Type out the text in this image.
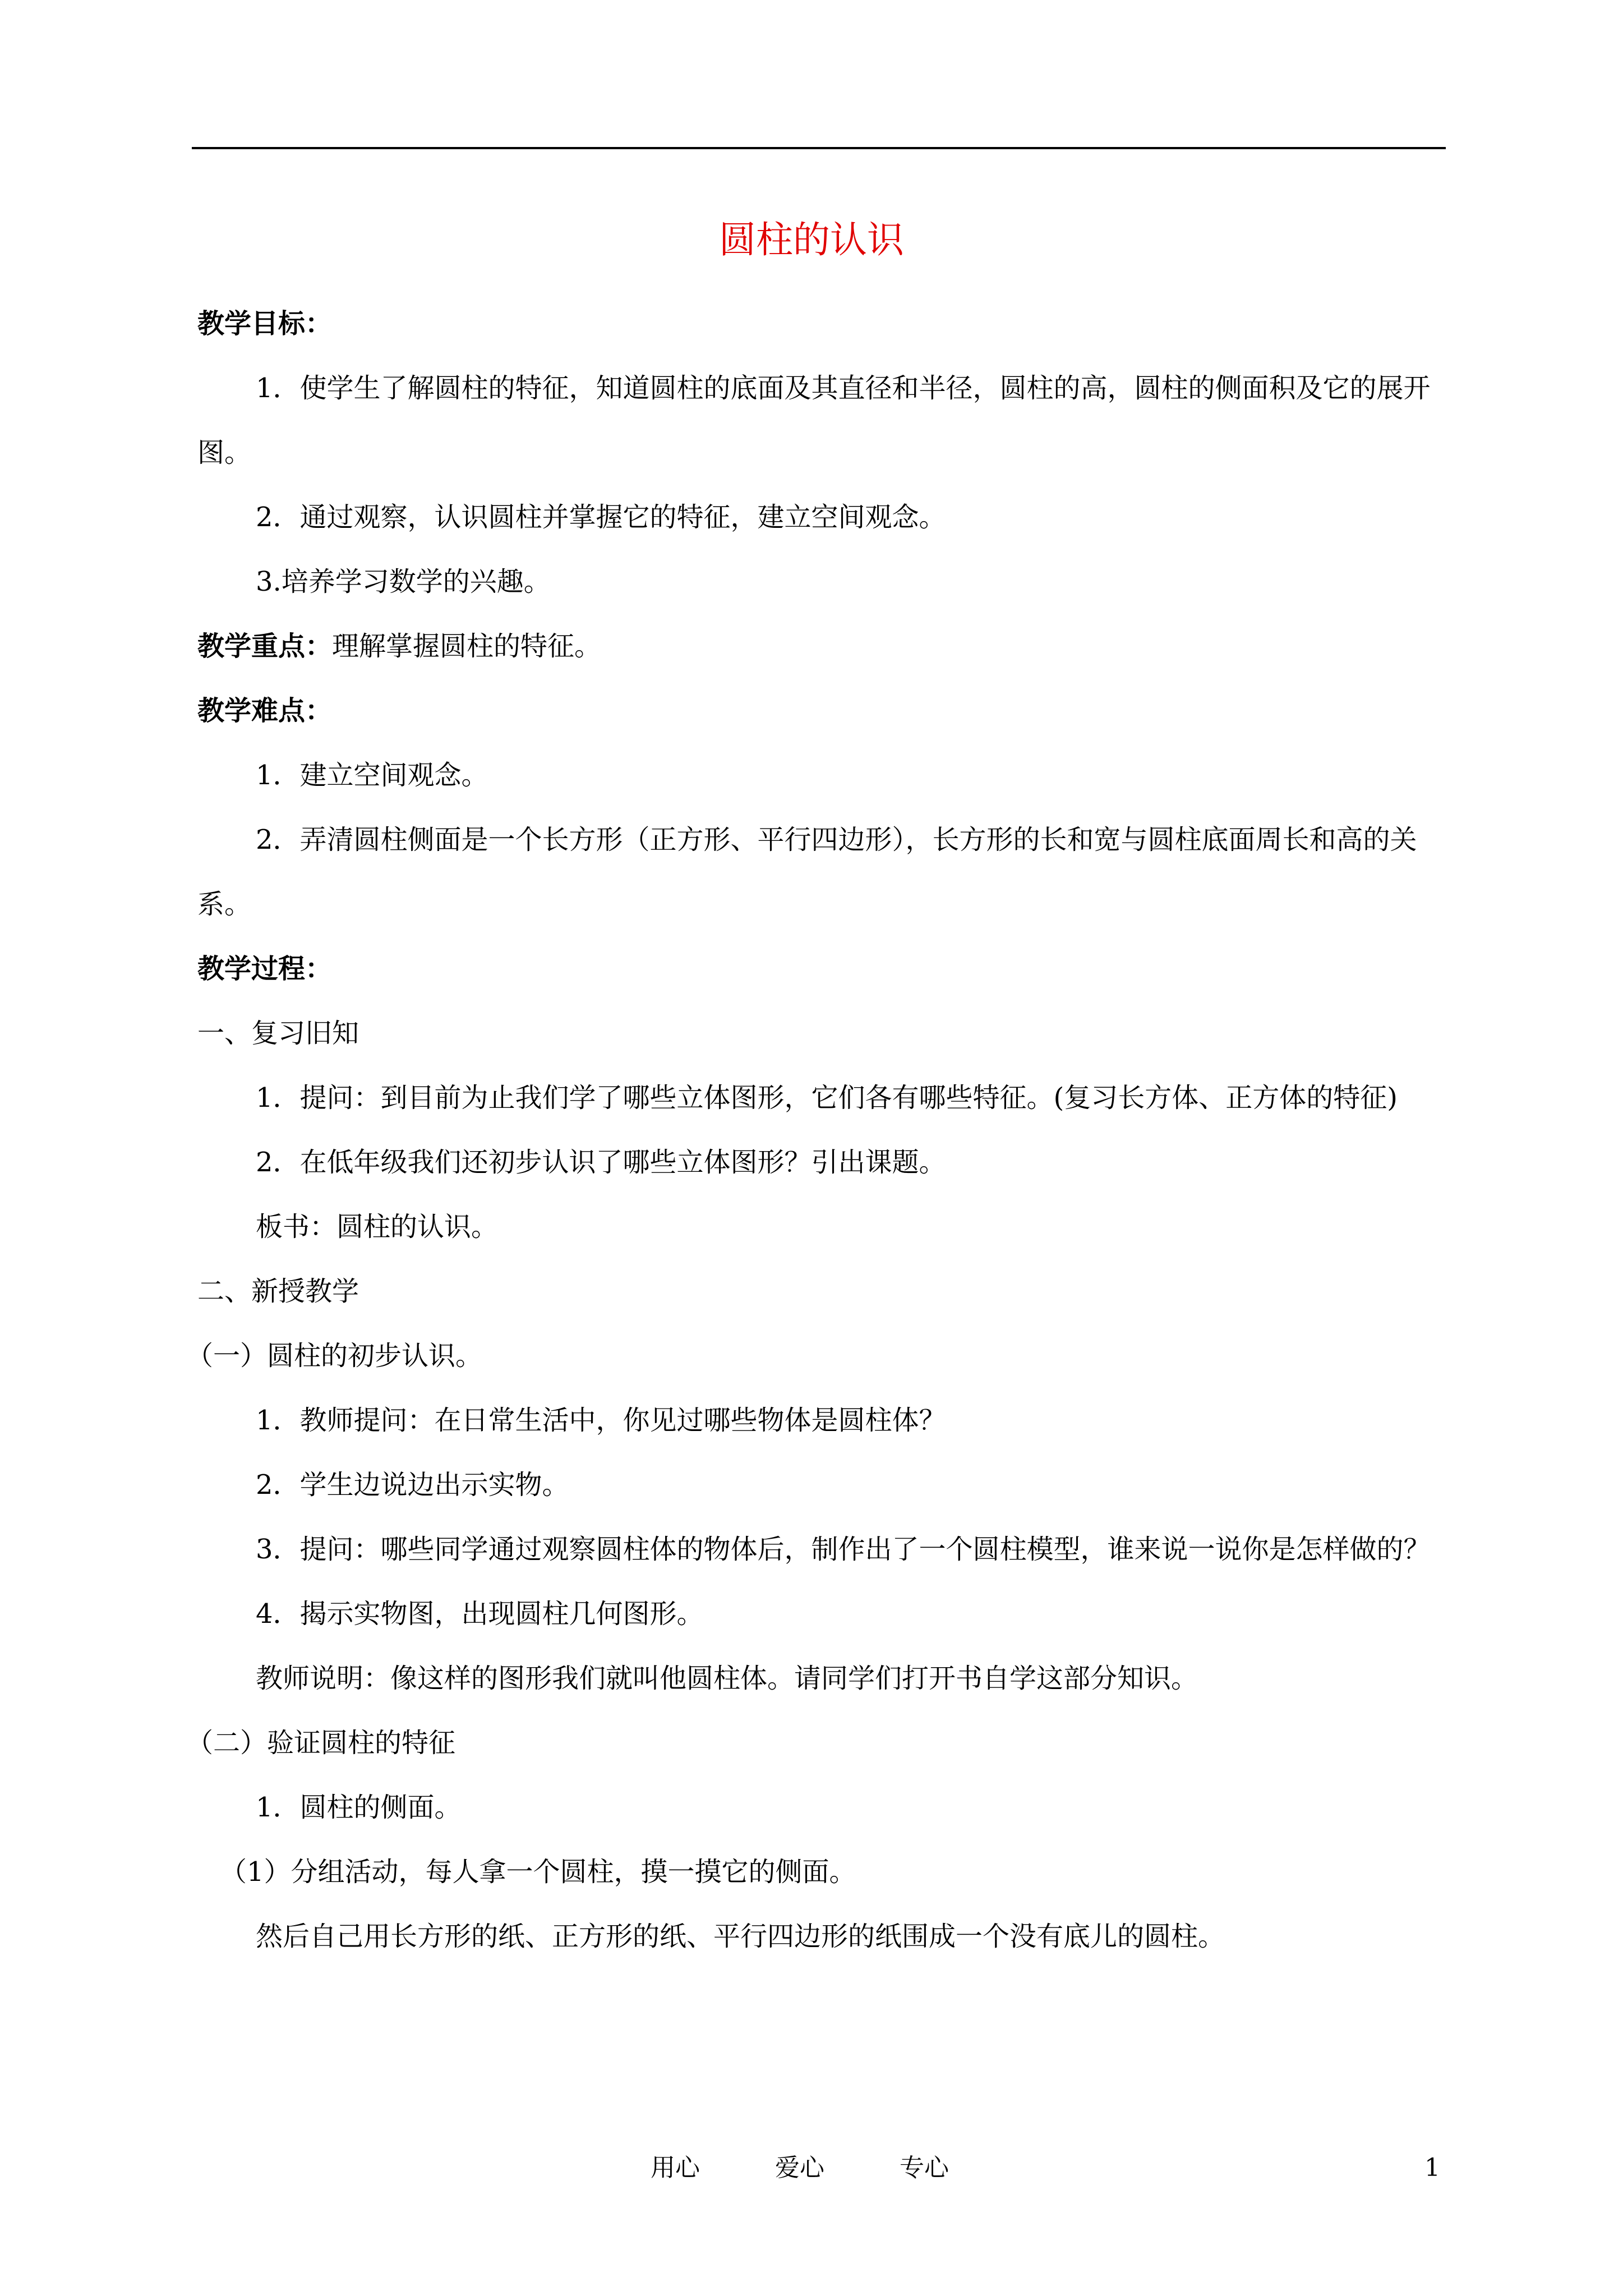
圆柱的认识

教学目标：

1．使学生了解圆柱的特征，知道圆柱的底面及其直径和半径，圆柱的高，圆柱的侧面积及它的展开图。

2．通过观察，认识圆柱并掌握它的特征，建立空间观念。

3.培养学习数学的兴趣。

教学重点：理解掌握圆柱的特征。

教学难点：

1．建立空间观念。

2．弄清圆柱侧面是一个长方形（正方形、平行四边形），长方形的长和宽与圆柱底面周长和高的关系。

教学过程：

一、复习旧知

1．提问：到目前为止我们学了哪些立体图形，它们各有哪些特征。(复习长方体、正方体的特征)

2．在低年级我们还初步认识了哪些立体图形？引出课题。

板书：圆柱的认识。

二、新授教学

（一）圆柱的初步认识。

1．教师提问：在日常生活中，你见过哪些物体是圆柱体？

2．学生边说边出示实物。

3．提问：哪些同学通过观察圆柱体的物体后，制作出了一个圆柱模型，谁来说一说你是怎样做的？

4．揭示实物图，出现圆柱几何图形。

教师说明：像这样的图形我们就叫他圆柱体。请同学们打开书自学这部分知识。

（二）验证圆柱的特征

1．圆柱的侧面。

（1）分组活动，每人拿一个圆柱，摸一摸它的侧面。

然后自己用长方形的纸、正方形的纸、平行四边形的纸围成一个没有底儿的圆柱。

用心	爱心	专心	1
